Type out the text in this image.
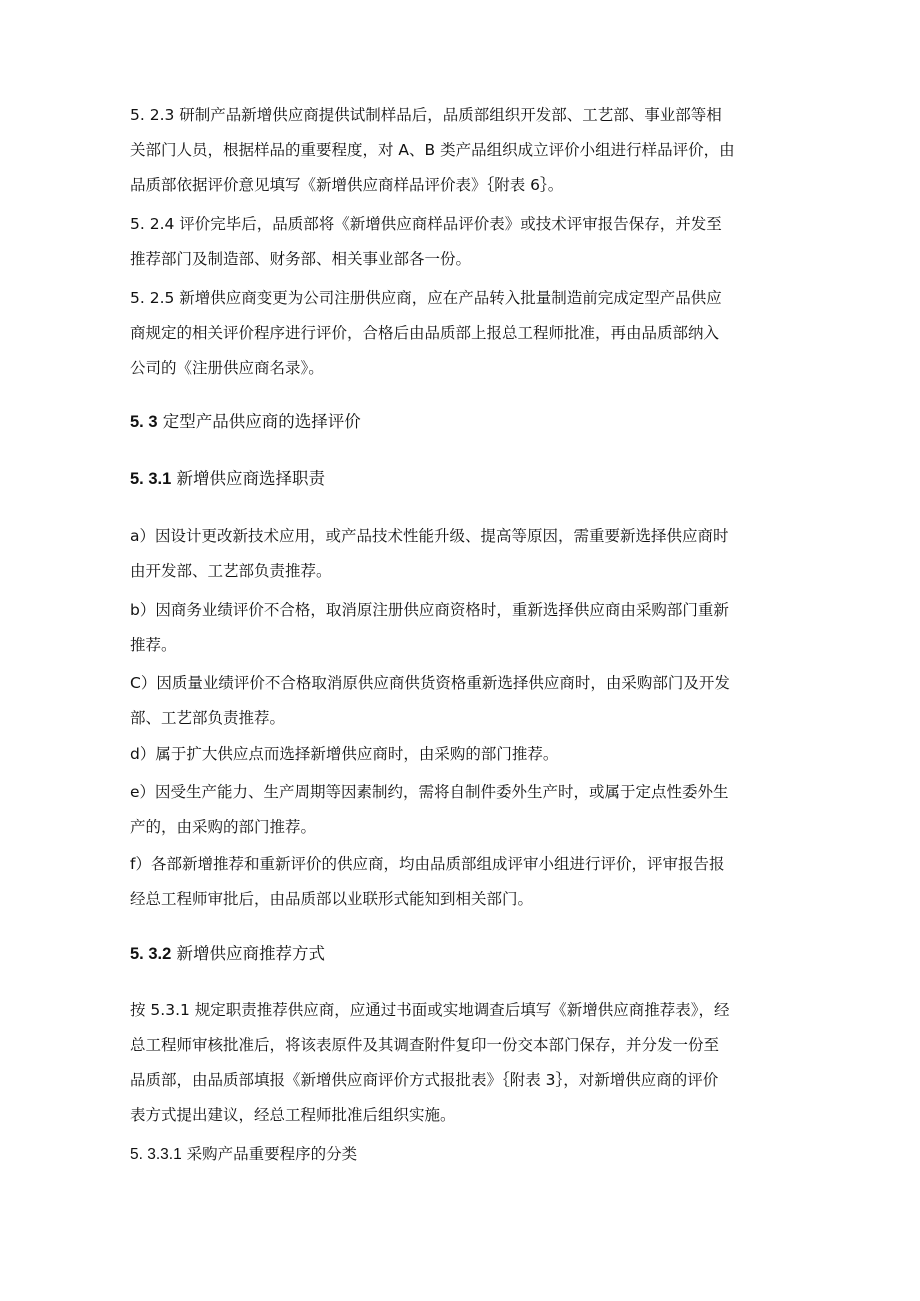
5. 2.3 研制产品新增供应商提供试制样品后，品质部组织开发部、工艺部、事业部等相
关部门人员，根据样品的重要程度，对 A、B 类产品组织成立评价小组进行样品评价，由
品质部依据评价意见填写《新增供应商样品评价表》｛附表 6｝。
5. 2.4 评价完毕后，品质部将《新增供应商样品评价表》或技术评审报告保存，并发至
推荐部门及制造部、财务部、相关事业部各一份。
5. 2.5 新增供应商变更为公司注册供应商，应在产品转入批量制造前完成定型产品供应
商规定的相关评价程序进行评价，合格后由品质部上报总工程师批准，再由品质部纳入
公司的《注册供应商名录》。
5. 3 定型产品供应商的选择评价
5. 3.1 新增供应商选择职责
a）因设计更改新技术应用，或产品技术性能升级、提高等原因，需重要新选择供应商时
由开发部、工艺部负责推荐。
b）因商务业绩评价不合格，取消原注册供应商资格时，重新选择供应商由采购部门重新
推荐。
C）因质量业绩评价不合格取消原供应商供货资格重新选择供应商时，由采购部门及开发
部、工艺部负责推荐。
d）属于扩大供应点而选择新增供应商时，由采购的部门推荐。
e）因受生产能力、生产周期等因素制约，需将自制件委外生产时，或属于定点性委外生
产的，由采购的部门推荐。
f）各部新增推荐和重新评价的供应商，均由品质部组成评审小组进行评价，评审报告报
经总工程师审批后，由品质部以业联形式能知到相关部门。
5. 3.2 新增供应商推荐方式
按 5.3.1 规定职责推荐供应商，应通过书面或实地调查后填写《新增供应商推荐表》，经
总工程师审核批准后，将该表原件及其调查附件复印一份交本部门保存，并分发一份至
品质部，由品质部填报《新增供应商评价方式报批表》｛附表 3｝，对新增供应商的评价
表方式提出建议，经总工程师批准后组织实施。
5. 3.3.1 采购产品重要程序的分类
